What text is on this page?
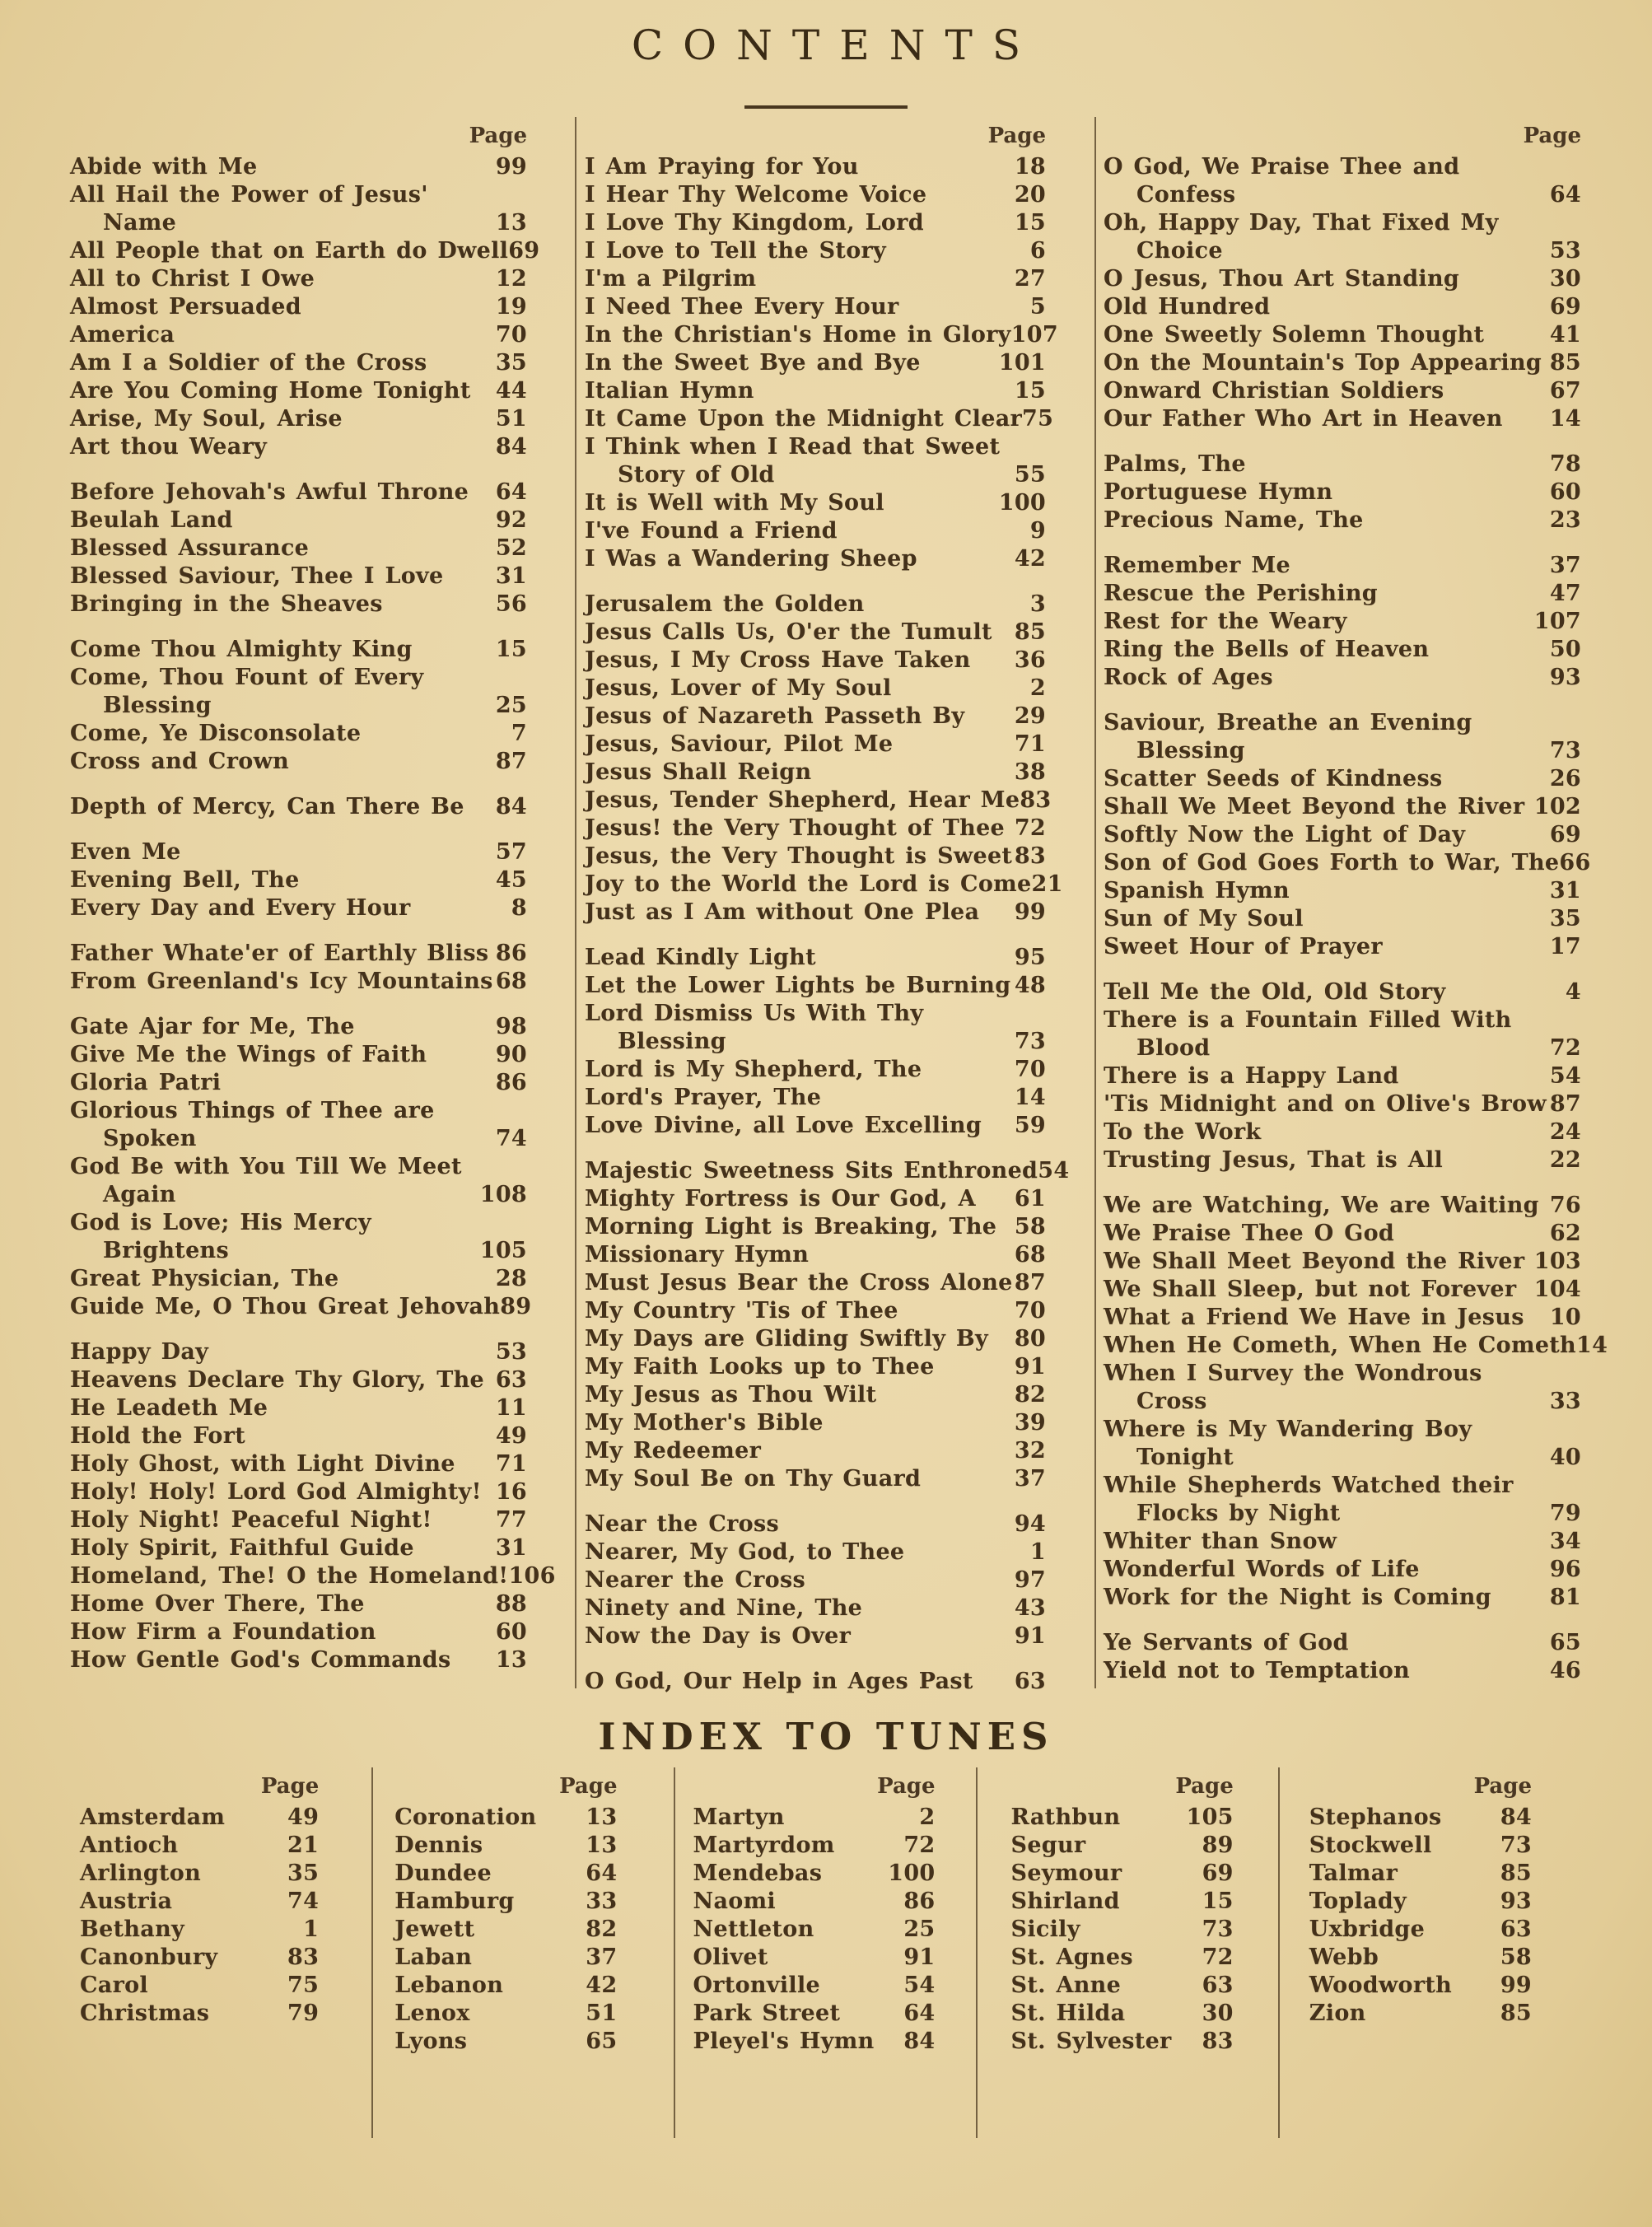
CONTENTS
Page
Abide with Me	99
All Hail the Power of Jesus'
Name	13
All People that on Earth do Dwell 69
All to Christ I Owe	12
Almost Persuaded	19
America	70
Am I a Soldier of the Cross	35
Are You Coming Home Tonight	44
Arise, My Soul, Arise	51
Art thou Weary	84
Before Jehovah's Awful Throne	64
Beulah Land	92
Blessed Assurance	52
Blessed Saviour, Thee I Love	31
Bringing in the Sheaves	56
Come Thou Almighty King	15
Come, Thou Fount of Every
Blessing	25
Come, Ye Disconsolate	7
Cross and Crown	87
Depth of Mercy, Can There Be	84
Even Me	57
Evening Bell, The	45
Every Day and Every Hour	8
Father Whate'er of Earthly Bliss 86
From Greenland's Icy Mountains 68
Gate Ajar for Me, The	98
Give Me the Wings of Faith	90
Gloria Patri	86
Glorious Things of Thee are
Spoken	74
God Be with You Till We Meet
Again	108
God is Love; His Mercy
Brightens	105
Great Physician, The	28
Guide Me, O Thou Great Jehovah 89
Happy Day	53
Heavens Declare Thy Glory, The 63
He Leadeth Me	11
Hold the Fort	49
Holy Ghost, with Light Divine	71
Holy! Holy! Lord God Almighty! 16
Holy Night! Peaceful Night!	77
Holy Spirit, Faithful Guide	31
Homeland, The! O the Homeland! 106
Home Over There, The	88
How Firm a Foundation	60
How Gentle God's Commands	13
Page
I Am Praying for You	18
I Hear Thy Welcome Voice	20
I Love Thy Kingdom, Lord	15
I Love to Tell the Story	6
I'm a Pilgrim	27
I Need Thee Every Hour	5
In the Christian's Home in Glory 107
In the Sweet Bye and Bye	101
Italian Hymn	15
It Came Upon the Midnight Clear 75
I Think when I Read that Sweet
Story of Old	55
It is Well with My Soul	100
I've Found a Friend	9
I Was a Wandering Sheep	42
Jerusalem the Golden	3
Jesus Calls Us, O'er the Tumult	85
Jesus, I My Cross Have Taken	36
Jesus, Lover of My Soul	2
Jesus of Nazareth Passeth By	29
Jesus, Saviour, Pilot Me	71
Jesus Shall Reign	38
Jesus, Tender Shepherd, Hear Me 83
Jesus! the Very Thought of Thee 72
Jesus, the Very Thought is Sweet 83
Joy to the World the Lord is Come 21
Just as I Am without One Plea	99
Lead Kindly Light	95
Let the Lower Lights be Burning 48
Lord Dismiss Us With Thy
Blessing	73
Lord is My Shepherd, The	70
Lord's Prayer, The	14
Love Divine, all Love Excelling	59
Majestic Sweetness Sits Enthroned 54
Mighty Fortress is Our God, A	61
Morning Light is Breaking, The 58
Missionary Hymn	68
Must Jesus Bear the Cross Alone 87
My Country 'Tis of Thee	70
My Days are Gliding Swiftly By	80
My Faith Looks up to Thee	91
My Jesus as Thou Wilt	82
My Mother's Bible	39
My Redeemer	32
My Soul Be on Thy Guard	37
Near the Cross	94
Nearer, My God, to Thee	1
Nearer the Cross	97
Ninety and Nine, The	43
Now the Day is Over	91
O God, Our Help in Ages Past	63
Page
O God, We Praise Thee and
Confess	64
Oh, Happy Day, That Fixed My
Choice	53
O Jesus, Thou Art Standing	30
Old Hundred	69
One Sweetly Solemn Thought	41
On the Mountain's Top Appearing 85
Onward Christian Soldiers	67
Our Father Who Art in Heaven	14
Palms, The	78
Portuguese Hymn	60
Precious Name, The	23
Remember Me	37
Rescue the Perishing	47
Rest for the Weary	107
Ring the Bells of Heaven	50
Rock of Ages	93
Saviour, Breathe an Evening
Blessing	73
Scatter Seeds of Kindness	26
Shall We Meet Beyond the River 102
Softly Now the Light of Day	69
Son of God Goes Forth to War, The 66
Spanish Hymn	31
Sun of My Soul	35
Sweet Hour of Prayer	17
Tell Me the Old, Old Story	4
There is a Fountain Filled With
Blood	72
There is a Happy Land	54
'Tis Midnight and on Olive's Brow 87
To the Work	24
Trusting Jesus, That is All	22
We are Watching, We are Waiting 76
We Praise Thee O God	62
We Shall Meet Beyond the River 103
We Shall Sleep, but not Forever 104
What a Friend We Have in Jesus	10
When He Cometh, When He Cometh 14
When I Survey the Wondrous
Cross	33
Where is My Wandering Boy
Tonight	40
While Shepherds Watched their
Flocks by Night	79
Whiter than Snow	34
Wonderful Words of Life	96
Work for the Night is Coming	81
Ye Servants of God	65
Yield not to Temptation	46
INDEX TO TUNES
Page
Amsterdam	49
Antioch	21
Arlington	35
Austria	74
Bethany	1
Canonbury	83
Carol	75
Christmas	79
Page
Coronation	13
Dennis	13
Dundee	64
Hamburg	33
Jewett	82
Laban	37
Lebanon	42
Lenox	51
Lyons	65
Page
Martyn	2
Martyrdom	72
Mendebas	100
Naomi	86
Nettleton	25
Olivet	91
Ortonville	54
Park Street	64
Pleyel's Hymn	84
Page
Rathbun	105
Segur	89
Seymour	69
Shirland	15
Sicily	73
St. Agnes	72
St. Anne	63
St. Hilda	30
St. Sylvester	83
Page
Stephanos	84
Stockwell	73
Talmar	85
Toplady	93
Uxbridge	63
Webb	58
Woodworth	99
Zion	85
